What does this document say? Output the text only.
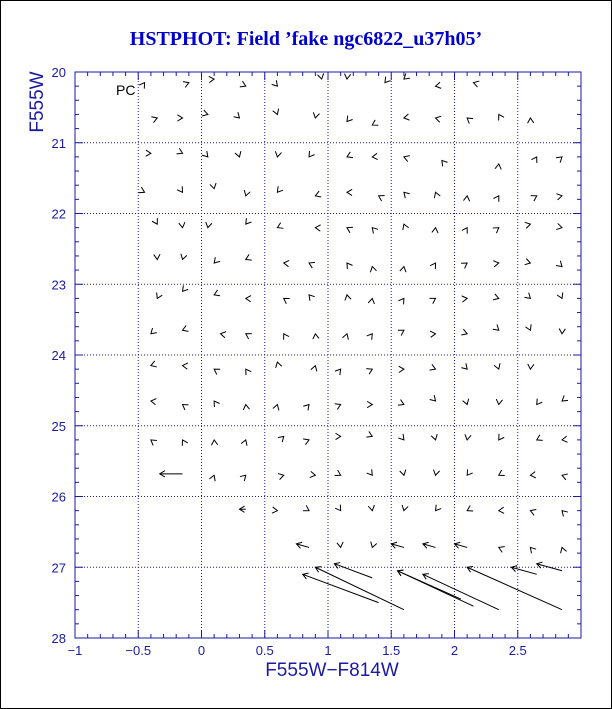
HSTPHOT: Field ’fake ngc6822_u37h05’
−1	−0.5	0	0.5	1	1.5	2	2.5
20
21
22
23
24
25
26
27
28
PC
F555W−F814W
F555W
